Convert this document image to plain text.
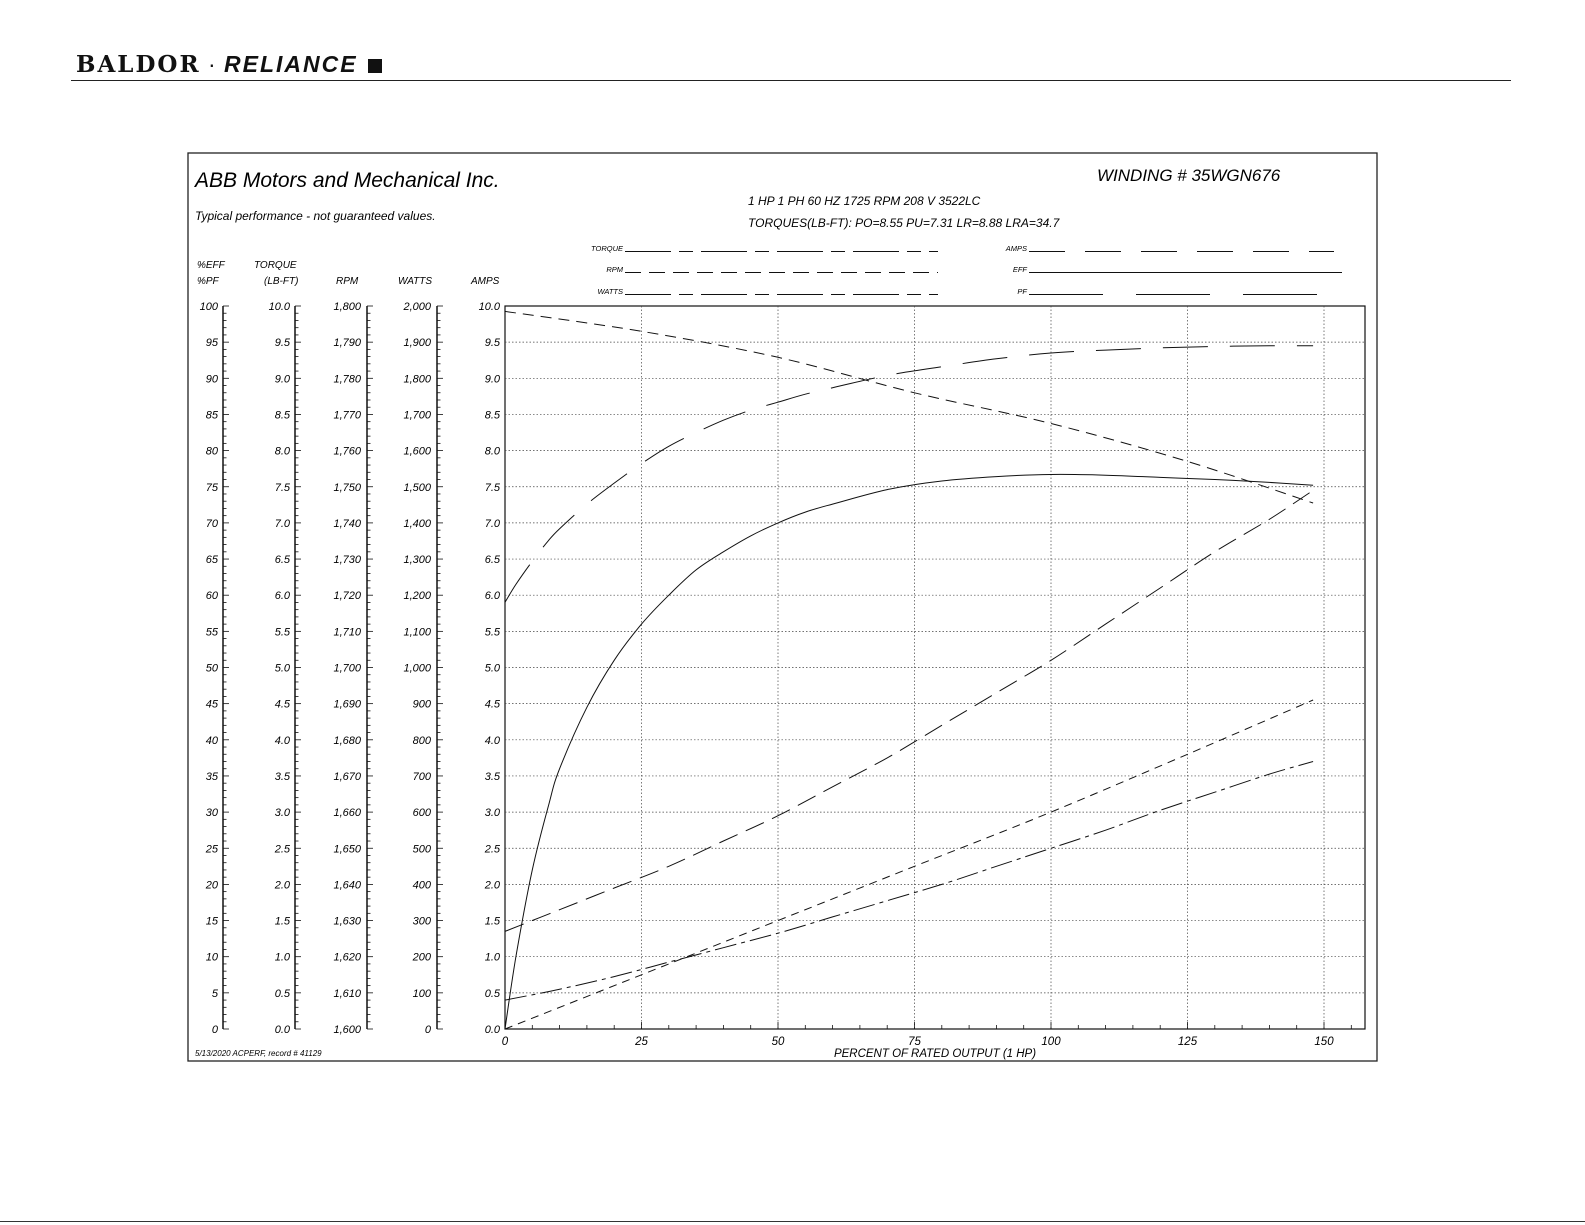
BALDOR · RELIANCE
ABB Motors and Mechanical Inc.
Typical performance - not guaranteed values.
WINDING # 35WGN676
1 HP 1 PH 60 HZ 1725 RPM 208 V 3522LC
TORQUES(LB-FT): PO=8.55 PU=7.31 LR=8.88 LRA=34.7
5/13/2020 ACPERF, record # 41129	PERCENT OF RATED OUTPUT (1 HP)
TORQUE
RPM
WATTS
AMPS
EFF
PF
%EFF
%PF
100
95
90
85
80
75
70
65
60
55
50
45
40
35
30
25
20
15
10
5
0
TORQUE
(LB-FT)
10.0
9.5
9.0
8.5
8.0
7.5
7.0
6.5
6.0
5.5
5.0
4.5
4.0
3.5
3.0
2.5
2.0
1.5
1.0
0.5
0.0
RPM
1,800
1,790
1,780
1,770
1,760
1,750
1,740
1,730
1,720
1,710
1,700
1,690
1,680
1,670
1,660
1,650
1,640
1,630
1,620
1,610
1,600
WATTS
2,000
1,900
1,800
1,700
1,600
1,500
1,400
1,300
1,200
1,100
1,000
900
800
700
600
500
400
300
200
100
0
AMPS
10.0
9.5
9.0
8.5
8.0
7.5
7.0
6.5
6.0
5.5
5.0
4.5
4.0
3.5
3.0
2.5
2.0
1.5
1.0
0.5
0.0
0	25	50	75	100	125	150
